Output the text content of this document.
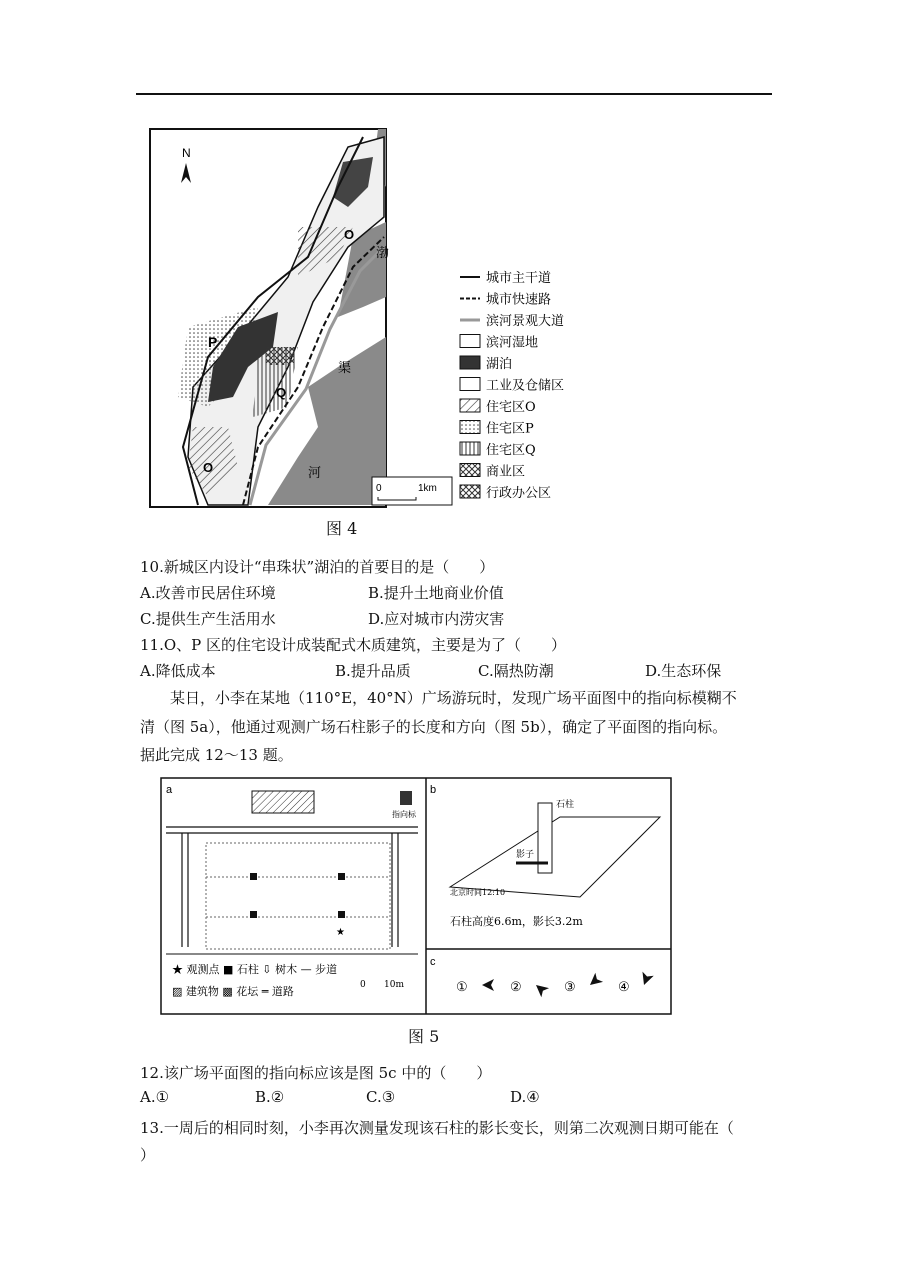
N
P
O
O
Q
渤
渠
河
0	1km
城市主干道
城市快速路
滨河景观大道
滨河湿地
湖泊
工业及仓储区
住宅区O
住宅区P
住宅区Q
商业区
行政办公区
图 4
10.新城区内设计“串珠状”湖泊的首要目的是（　　）
A.改善市民居住环境	B.提升土地商业价值
C.提供生产生活用水	D.应对城市内涝灾害
11.O、P 区的住宅设计成装配式木质建筑，主要是为了（　　）
A.降低成本	B.提升品质	C.隔热防潮	D.生态环保
某日，小李在某地（110°E，40°N）广场游玩时，发现广场平面图中的指向标模糊不
清（图 5a），他通过观测广场石柱影子的长度和方向（图 5b），确定了平面图的指向标。
据此完成 12～13 题。
a	b
c
指向标
★
★ 观测点 ■ 石柱 ⇩ 树木 — 步道
▨ 建筑物 ▩ 花坛 ═ 道路	0 10m
石柱
影子
北京时间12:10
石柱高度6.6m，影长3.2m
①	②	③	④
图 5
12.该广场平面图的指向标应该是图 5c 中的（　　）
A.①	B.②	C.③	D.④
13.一周后的相同时刻，小李再次测量发现该石柱的影长变长，则第二次观测日期可能在（
）
